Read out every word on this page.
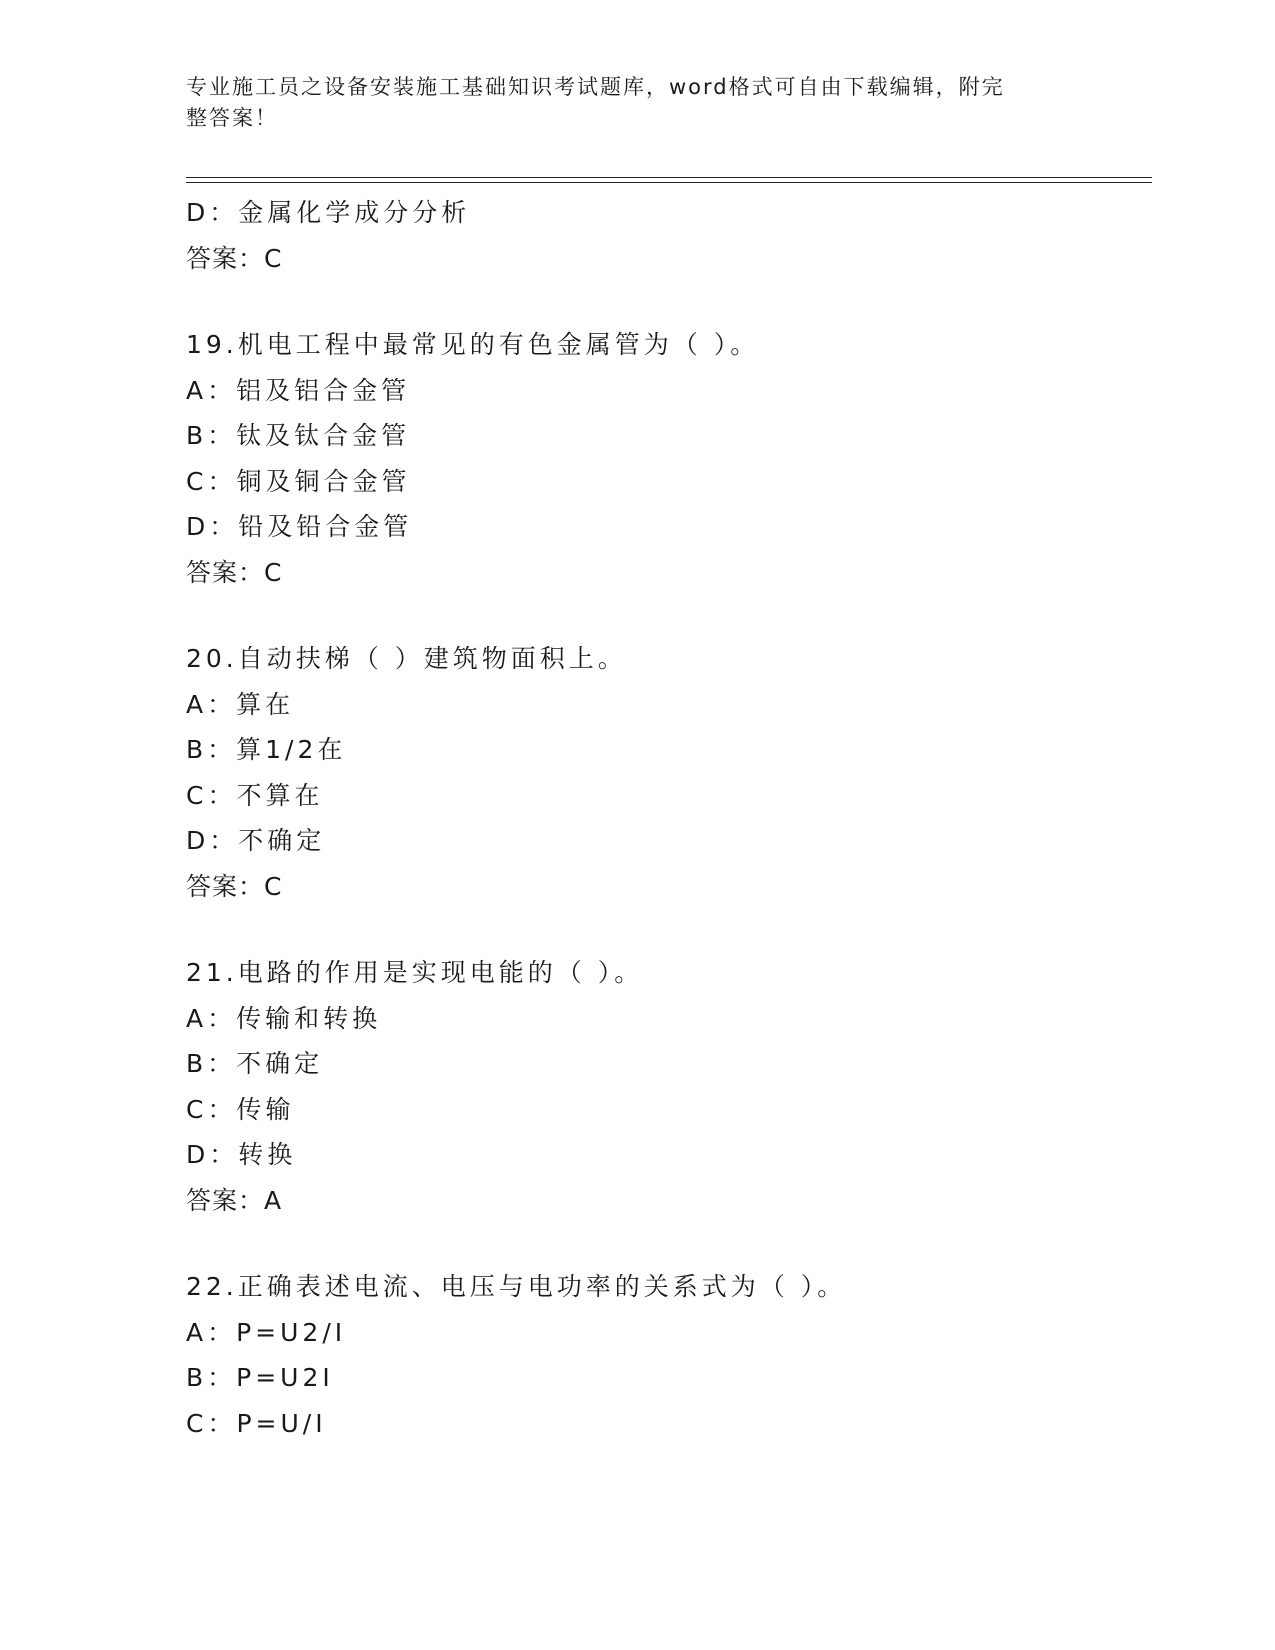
专业施工员之设备安装施工基础知识考试题库，word格式可自由下载编辑，附完
整答案！
D：金属化学成分分析
答案：C
19.机电工程中最常见的有色金属管为（ ）。
A：铝及铝合金管
B：钛及钛合金管
C：铜及铜合金管
D：铅及铅合金管
答案：C
20.自动扶梯（ ）建筑物面积上。
A：算在
B：算1/2在
C：不算在
D：不确定
答案：C
21.电路的作用是实现电能的（ ）。
A：传输和转换
B：不确定
C：传输
D：转换
答案：A
22.正确表述电流、电压与电功率的关系式为（ ）。
A：P=U2/I
B：P=U2I
C：P=U/I
